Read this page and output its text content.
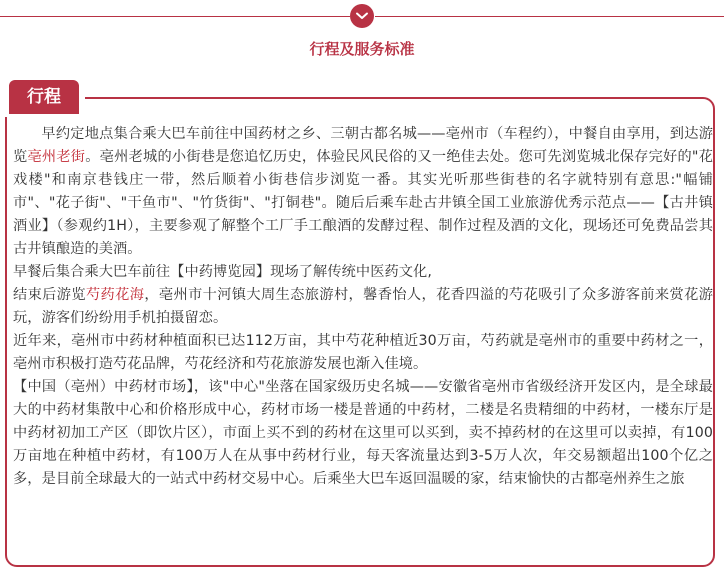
行程及服务标准
行程

早约定地点集合乘大巴车前往中国药材之乡、三朝古都名城——亳州市（车程约），中餐自由享用，到达游览亳州老街。亳州老城的小街巷是您追忆历史，体验民风民俗的又一绝佳去处。您可先浏览城北保存完好的"花戏楼"和南京巷钱庄一带，然后顺着小街巷信步浏览一番。其实光听那些街巷的名字就特别有意思:"幅铺市"、"花子街"、"干鱼市"、"竹货街"、"打铜巷"。随后后乘车赴古井镇全国工业旅游优秀示范点——【古井镇酒业】（参观约1H），主要参观了解整个工厂手工酿酒的发酵过程、制作过程及酒的文化，现场还可免费品尝其古井镇酿造的美酒。

早餐后集合乘大巴车前往【中药博览园】现场了解传统中医药文化,

结束后游览芍药花海，亳州市十河镇大周生态旅游村，馨香怡人，花香四溢的芍花吸引了众多游客前来赏花游玩，游客们纷纷用手机拍摄留恋。

近年来，亳州市中药材种植面积已达112万亩，其中芍花种植近30万亩，芍药就是亳州市的重要中药材之一，亳州市积极打造芍花品牌，芍花经济和芍花旅游发展也渐入佳境。

【中国（亳州）中药材市场】，该"中心"坐落在国家级历史名城——安徽省亳州市省级经济开发区内，是全球最大的中药材集散中心和价格形成中心，药材市场一楼是普通的中药材，二楼是名贵精细的中药材，一楼东厅是中药材初加工产区（即饮片区），市面上买不到的药材在这里可以买到，卖不掉药材的在这里可以卖掉，有100万亩地在种植中药材，有100万人在从事中药材行业，每天客流量达到3-5万人次，年交易额超出100个亿之多，是目前全球最大的一站式中药材交易中心。后乘坐大巴车返回温暖的家，结束愉快的古都亳州养生之旅
